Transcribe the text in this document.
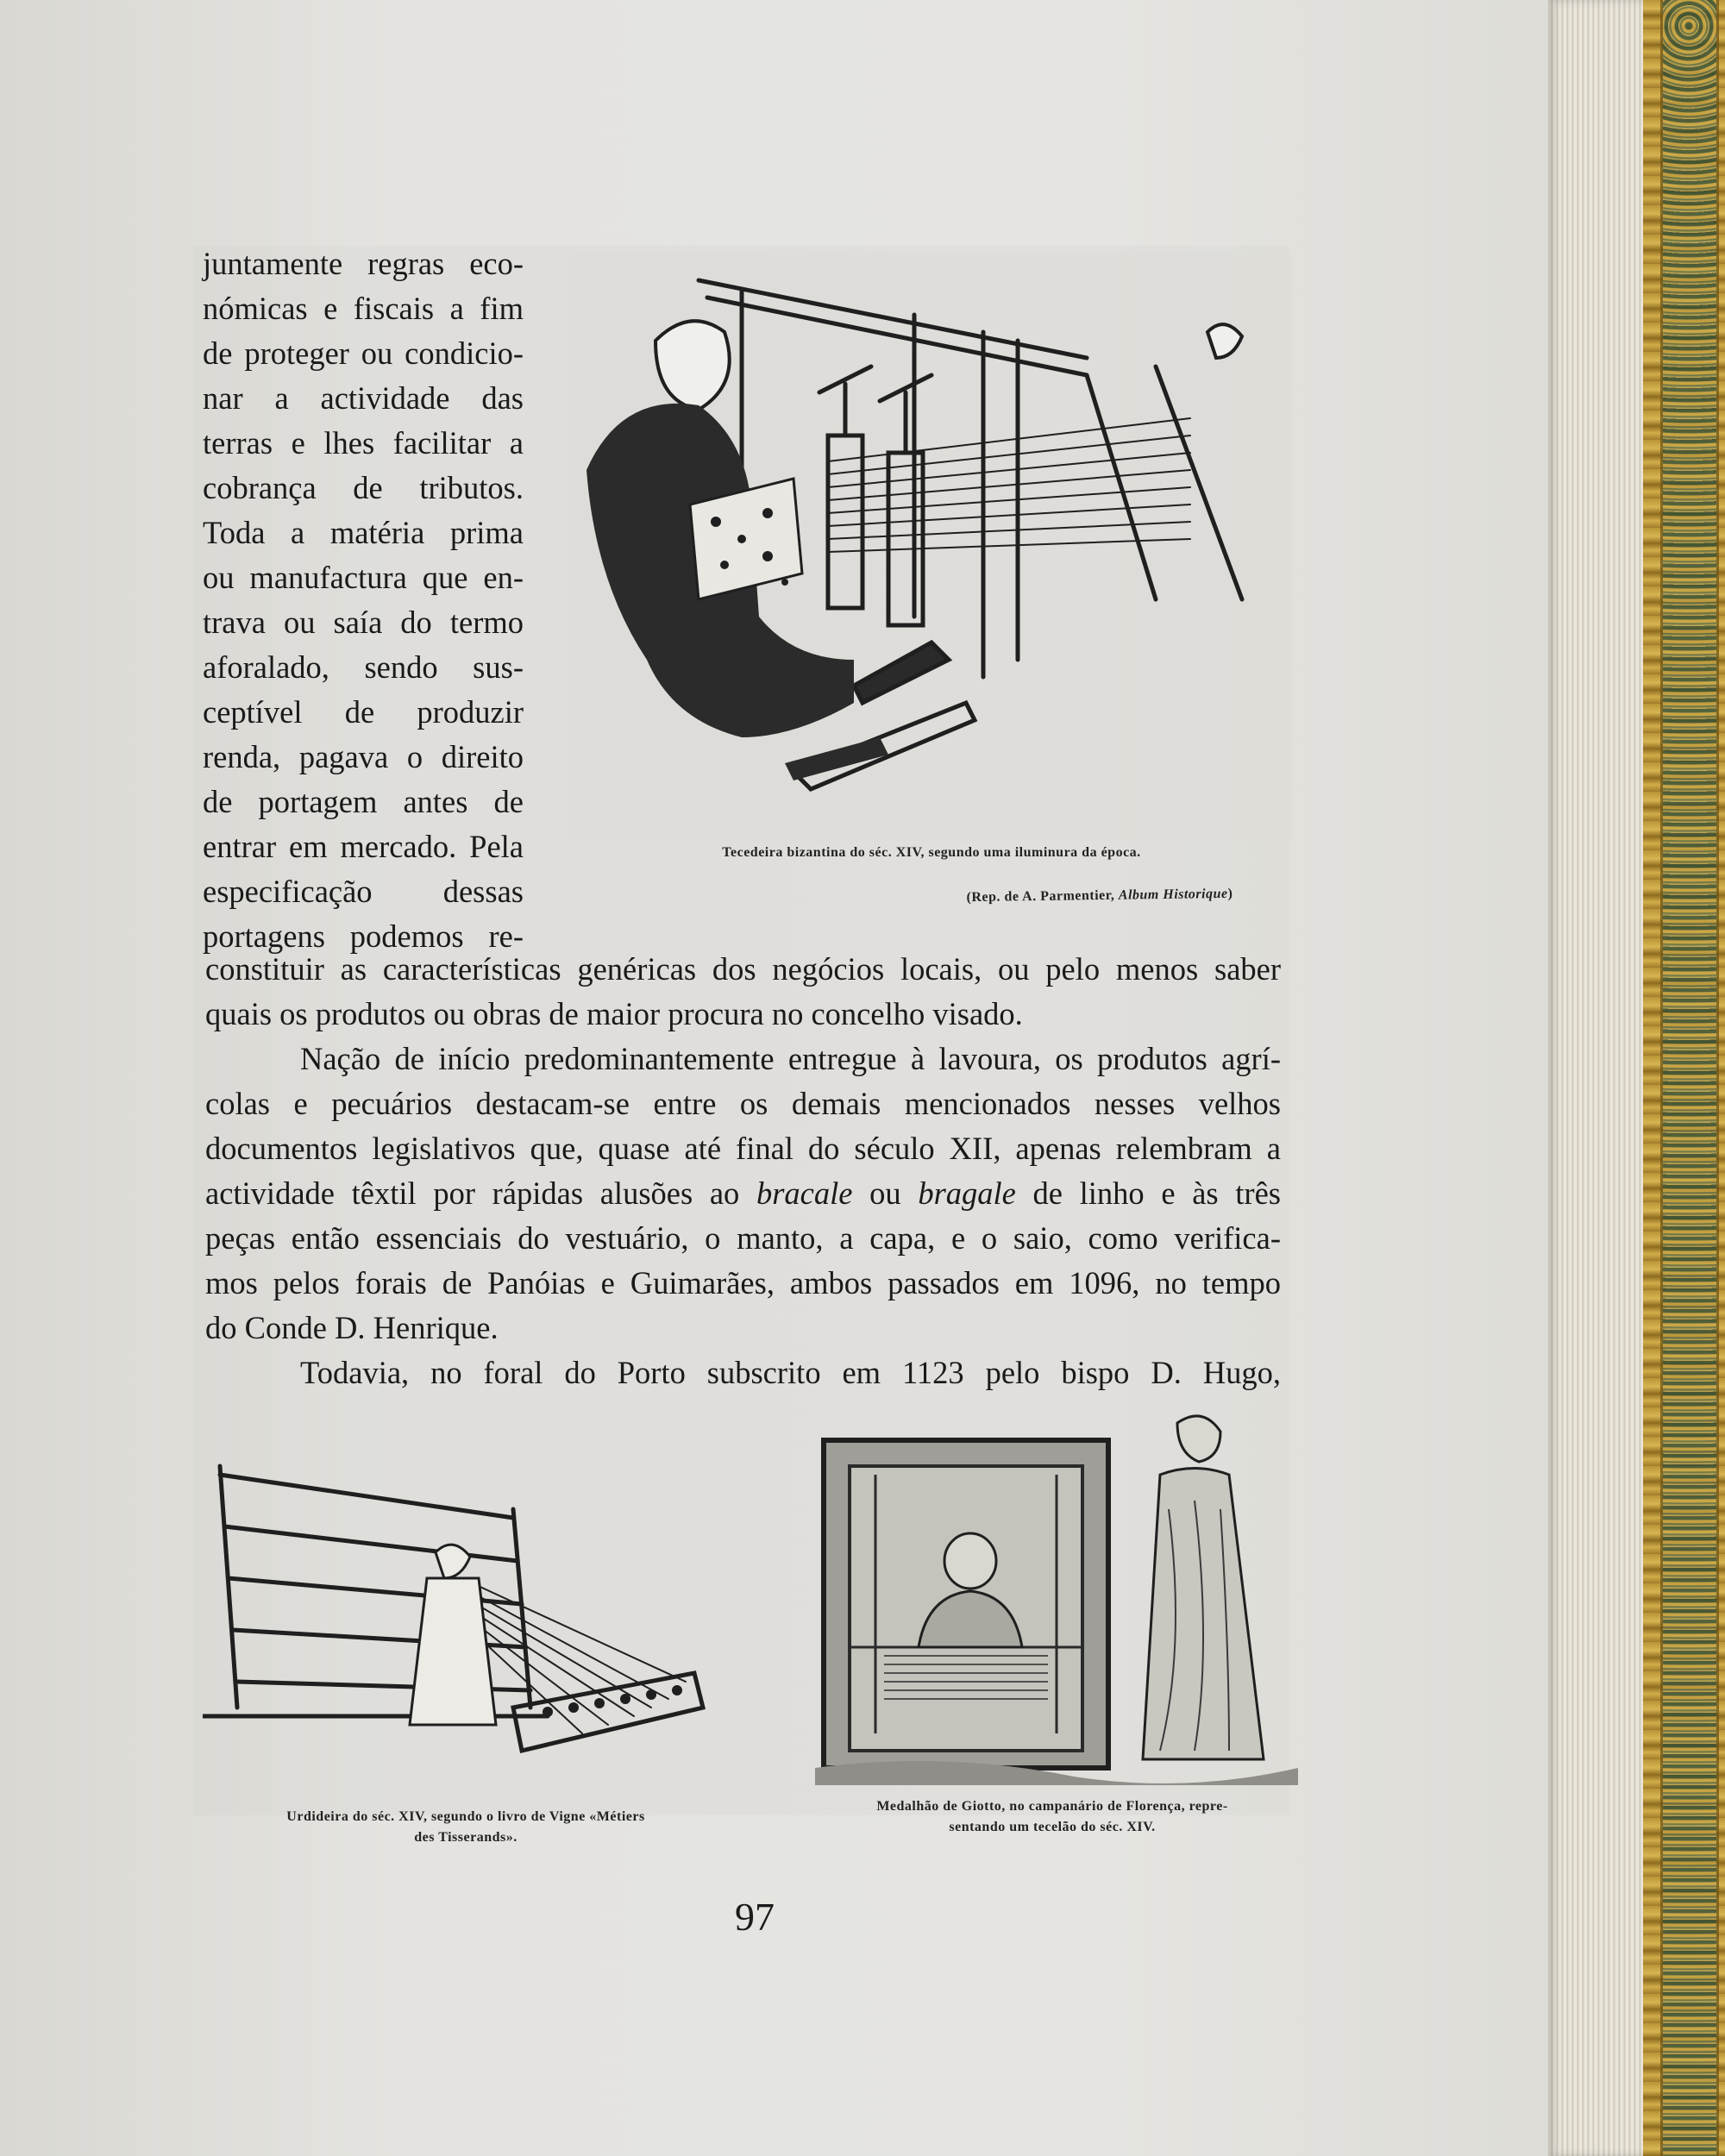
juntamente regras eco-
nómicas e fiscais a fim
de proteger ou condicio-
nar a actividade das
terras e lhes facilitar a
cobrança de tributos.
Toda a matéria prima
ou manufactura que en-
trava ou saía do termo
aforalado, sendo sus-
ceptível de produzir
renda, pagava o direito
de portagem antes de
entrar em mercado. Pela
especificação dessas
portagens podemos re-
constituir as características genéricas dos negócios locais, ou pelo menos saber
quais os produtos ou obras de maior procura no concelho visado.
Nação de início predominantemente entregue à lavoura, os produtos agrí-
colas e pecuários destacam-se entre os demais mencionados nesses velhos
documentos legislativos que, quase até final do século XII, apenas relembram a
actividade têxtil por rápidas alusões ao bracale ou bragale de linho e às três
peças então essenciais do vestuário, o manto, a capa, e o saio, como verifica-
mos pelos forais de Panóias e Guimarães, ambos passados em 1096, no tempo
do Conde D. Henrique.
Todavia, no foral do Porto subscrito em 1123 pelo bispo D. Hugo,

Tecedeira bizantina do séc. XIV, segundo uma iluminura da época.

(Rep. de A. Parmentier, Album Historique)

Urdideira do séc. XIV, segundo o livro de Vigne «Métiers

des Tisserands».

Medalhão de Giotto, no campanário de Florença, repre-

sentando um tecelão do séc. XIV.

97
